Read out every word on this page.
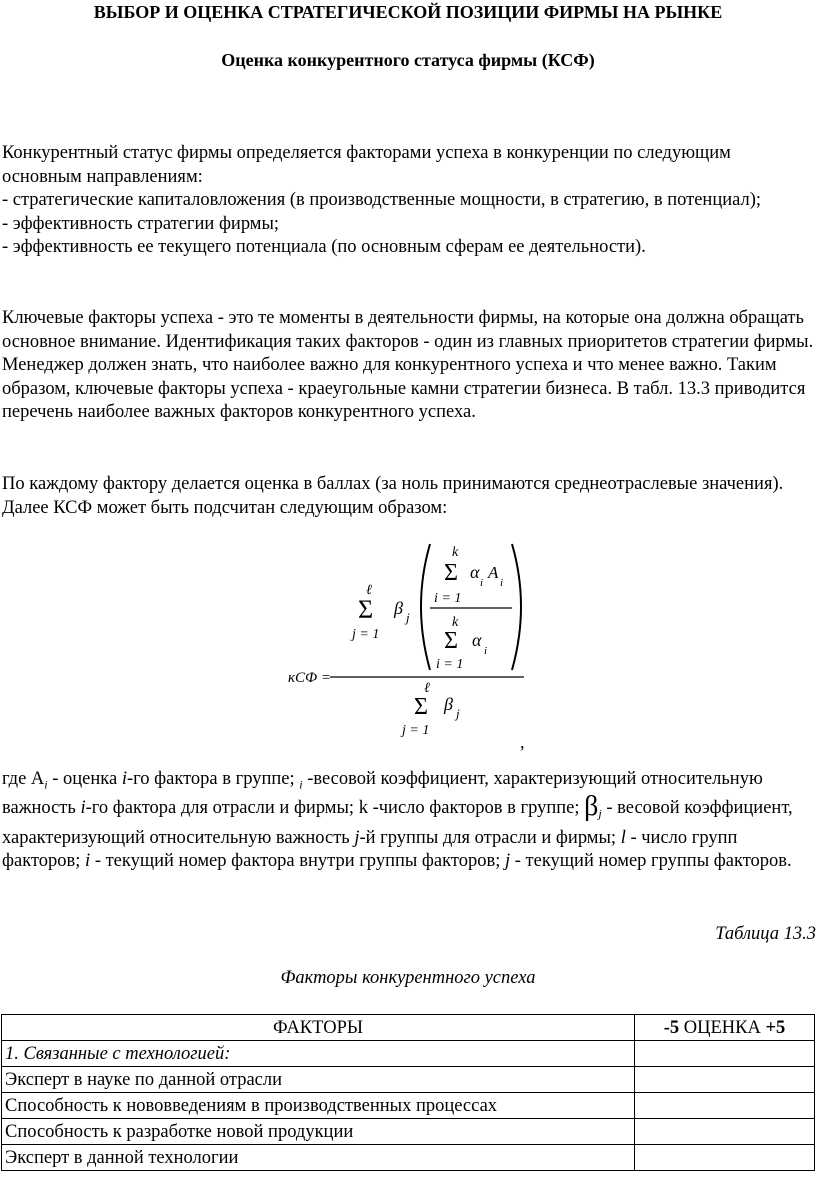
ВЫБОР И ОЦЕНКА СТРАТЕГИЧЕСКОЙ ПОЗИЦИИ ФИРМЫ НА РЫНКЕ
Оценка конкурентного статуса фирмы (КСФ)

Конкурентный статус фирмы определяется факторами успеха в конкуренции по следующим основным направлениям:

- стратегические капиталовложения (в производственные мощности, в стратегию, в потенциал);

- эффективность стратегии фирмы;

- эффективность ее текущего потенциала (по основным сферам ее деятельности).

Ключевые факторы успеха - это те моменты в деятельности фирмы, на которые она должна обращать основное внимание. Идентификация таких факторов - один из главных приоритетов стратегии фирмы. Менеджер должен знать, что наиболее важно для конкурентного успеха и что менее важно. Таким образом, ключевые факторы успеха - краеугольные камни стратегии бизнеса. В табл. 13.3 приводится перечень наиболее важных факторов конкурентного успеха.

По каждому фактору делается оценка в баллах (за ноль принимаются среднеотраслевые значения). Далее КСФ может быть подсчитан следующим образом:

кСФ =
ℓ
Σ
j = 1
β j
k
Σ
i = 1
α
i
A
i
k
Σ
i = 1
α
i
ℓ
Σ
j = 1
β j
,
где $A_i$ - оценка i-го фактора в группе; $_i$ -весовой коэффициент, характеризующий относительную важность i-го фактора для отрасли и фирмы; k -число факторов в группе; $\beta_j$ - весовой коэффициент, характеризующий относительную важность j-й группы для отрасли и фирмы; l - число групп факторов; i - текущий номер фактора внутри группы факторов; j - текущий номер группы факторов.
Таблица 13.3
Факторы конкурентного успеха
ФАКТОРЫ	-5 ОЦЕНКА +5
1. Связанные с технологией:	
Эксперт в науке по данной отрасли	
Способность к нововведениям в производственных процессах	
Способность к разработке новой продукции	
Эксперт в данной технологии	
